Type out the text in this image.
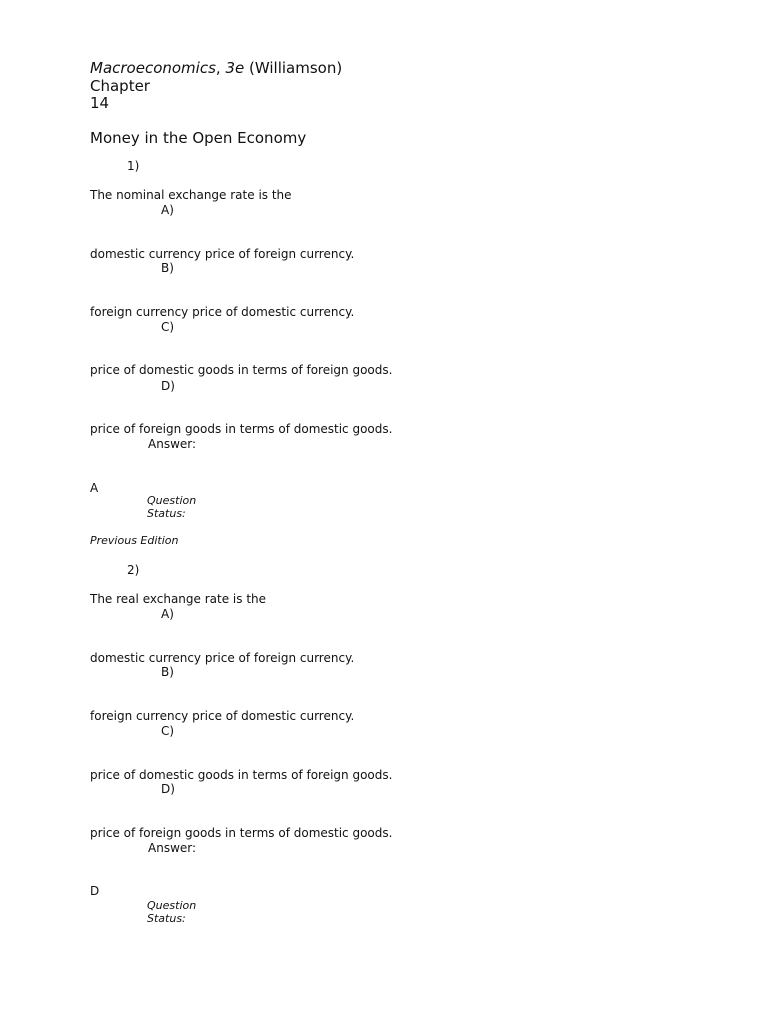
Macroeconomics, 3e (Williamson)
Chapter
14
Money in the Open Economy
1)
The nominal exchange rate is the
A)
domestic currency price of foreign currency.
B)
foreign currency price of domestic currency.
C)
price of domestic goods in terms of foreign goods.
D)
price of foreign goods in terms of domestic goods.
Answer:
A
Question
Status:
Previous Edition
2)
The real exchange rate is the
A)
domestic currency price of foreign currency.
B)
foreign currency price of domestic currency.
C)
price of domestic goods in terms of foreign goods.
D)
price of foreign goods in terms of domestic goods.
Answer:
D
Question
Status:
